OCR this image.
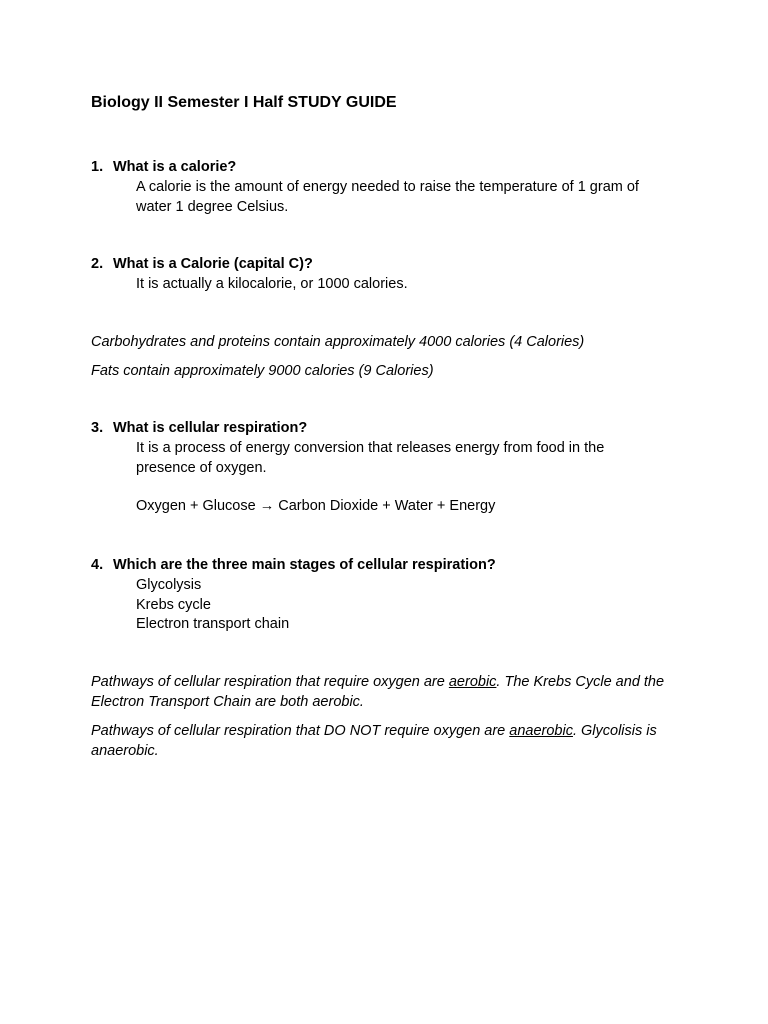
Biology II Semester I Half STUDY GUIDE
1. What is a calorie?
A calorie is the amount of energy needed to raise the temperature of 1 gram of
water 1 degree Celsius.
2. What is a Calorie (capital C)?
It is actually a kilocalorie, or 1000 calories.
Carbohydrates and proteins contain approximately 4000 calories (4 Calories)
Fats contain approximately 9000 calories (9 Calories)
3. What is cellular respiration?
It is a process of energy conversion that releases energy from food in the
presence of oxygen.
Oxygen + Glucose → Carbon Dioxide + Water + Energy
4. Which are the three main stages of cellular respiration?
Glycolysis
Krebs cycle
Electron transport chain
Pathways of cellular respiration that require oxygen are aerobic. The Krebs Cycle and the Electron Transport Chain are both aerobic.
Pathways of cellular respiration that DO NOT require oxygen are anaerobic. Glycolisis is anaerobic.
